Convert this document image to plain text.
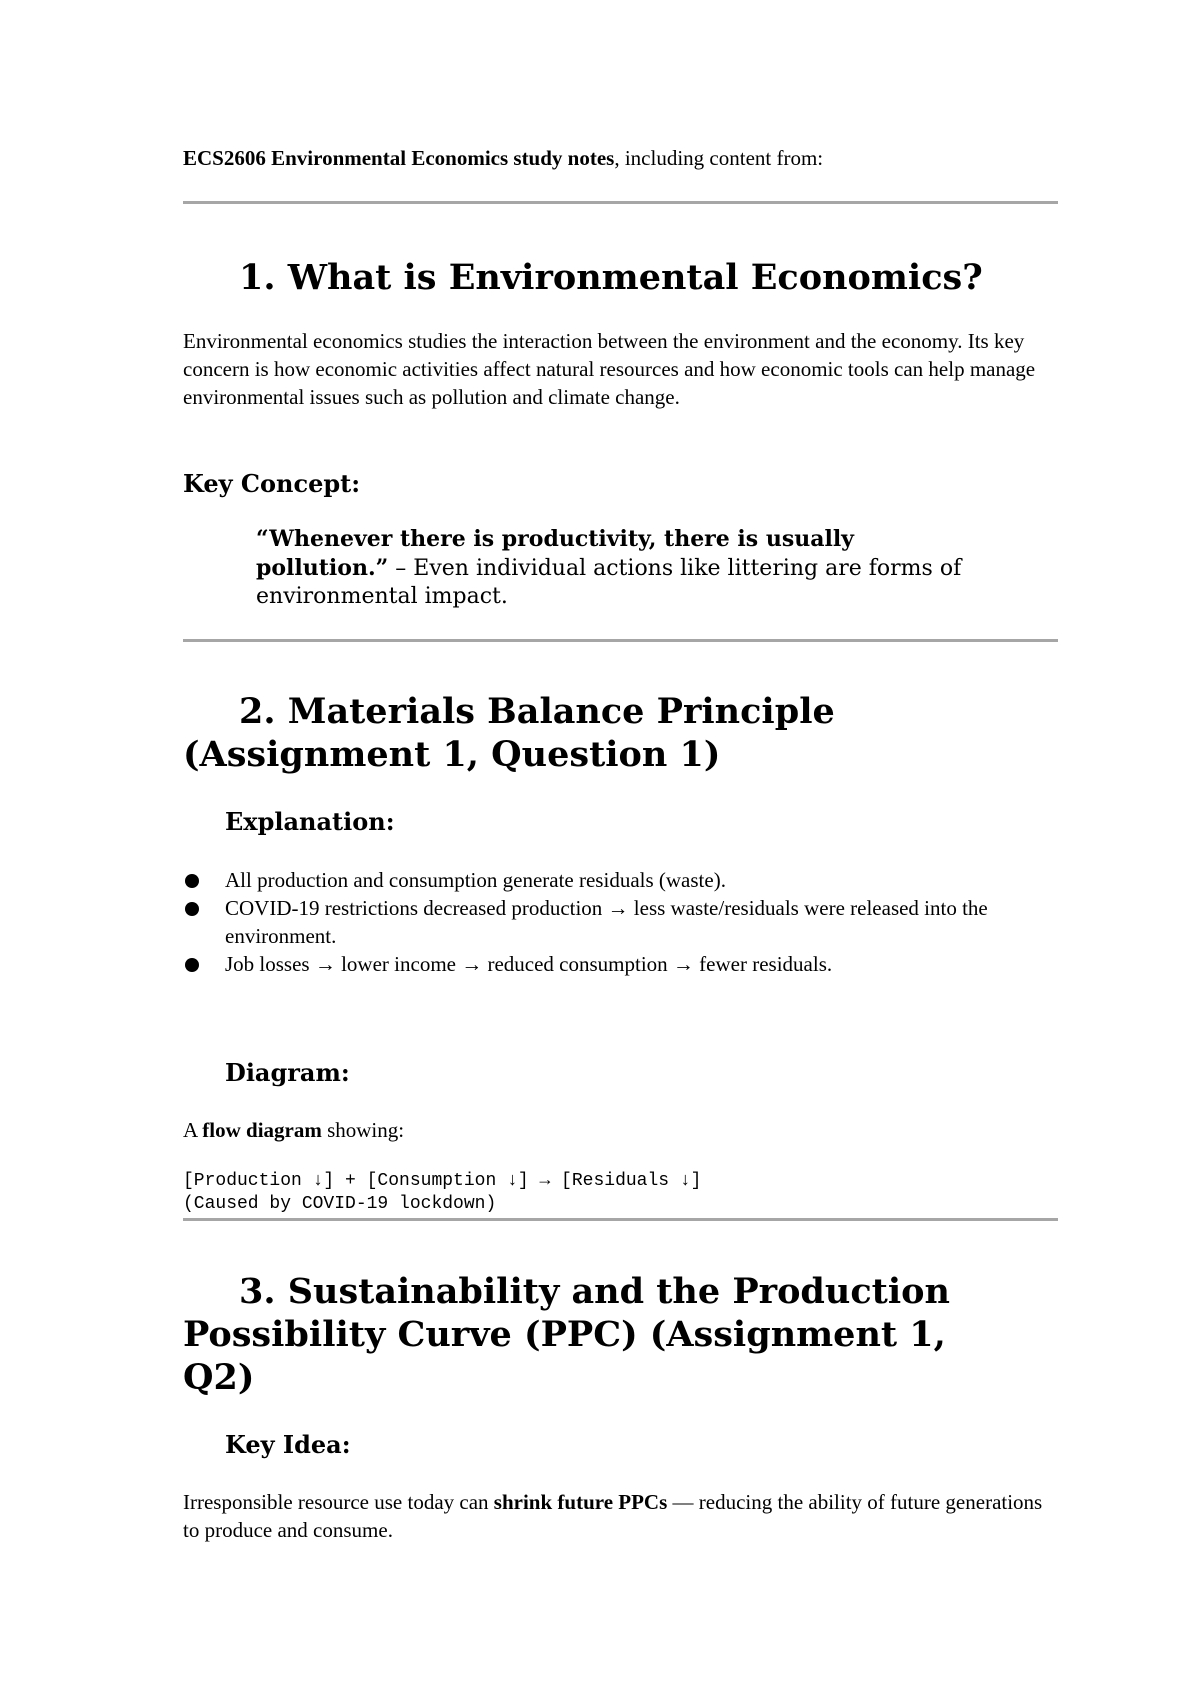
ECS2606 Environmental Economics study notes, including content from:
1. What is Environmental Economics?

Environmental economics studies the interaction between the environment and the economy. Its key concern is how economic activities affect natural resources and how economic tools can help manage environmental issues such as pollution and climate change.

Key Concept:

“Whenever there is productivity, there is usually pollution.” – Even individual actions like littering are forms of environmental impact.

2. Materials Balance Principle
(Assignment 1, Question 1)
Explanation:
All production and consumption generate residuals (waste).
COVID-19 restrictions decreased production → less waste/residuals were released into the environment.
Job losses → lower income → reduced consumption → fewer residuals.
Diagram:

A flow diagram showing:

[Production ↓] + [Consumption ↓] → [Residuals ↓]
(Caused by COVID-19 lockdown)
3. Sustainability and the Production
Possibility Curve (PPC) (Assignment 1,
Q2)
Key Idea:

Irresponsible resource use today can shrink future PPCs — reducing the ability of future generations to produce and consume.
